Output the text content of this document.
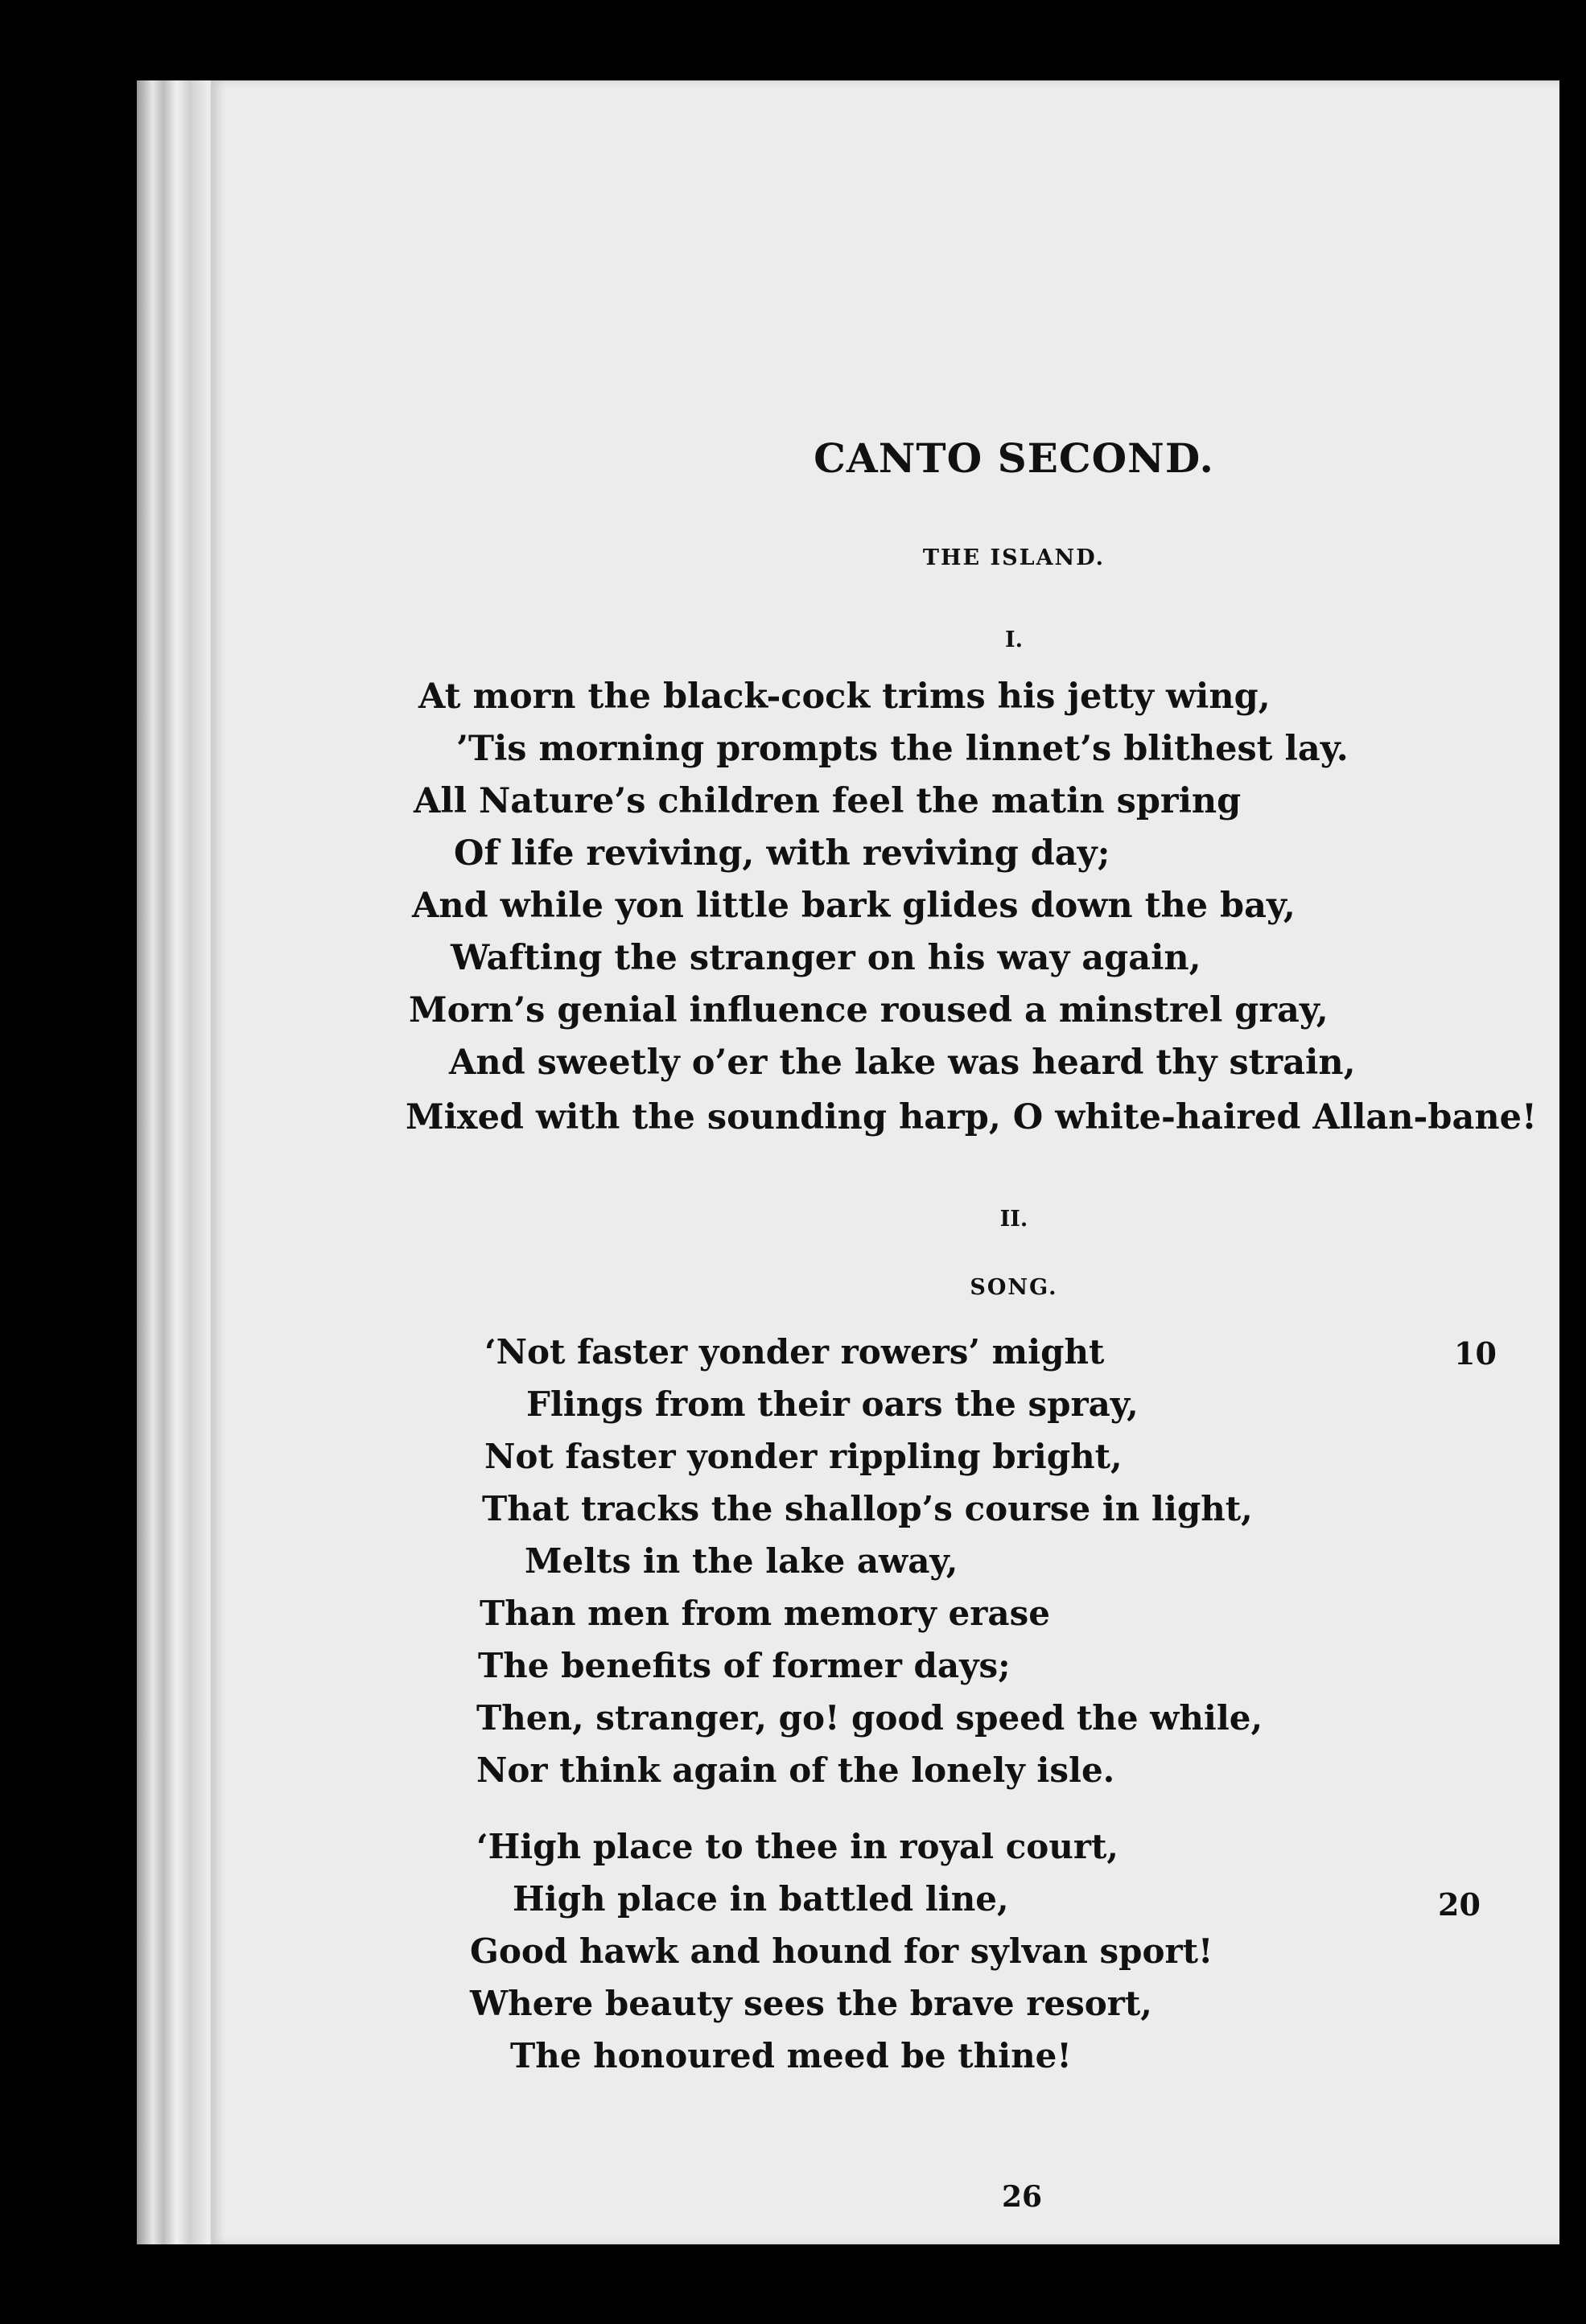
CANTO SECOND.
THE ISLAND.
I.
At morn the black-cock trims his jetty wing,
’Tis morning prompts the linnet’s blithest lay.
All Nature’s children feel the matin spring
Of life reviving, with reviving day;
And while yon little bark glides down the bay,
Wafting the stranger on his way again,
Morn’s genial influence roused a minstrel gray,
And sweetly o’er the lake was heard thy strain,
Mixed with the sounding harp, O white-haired Allan-bane!
II.
SONG.
‘Not faster yonder rowers’ might
Flings from their oars the spray,
Not faster yonder rippling bright,
That tracks the shallop’s course in light,
Melts in the lake away,
Than men from memory erase
The benefits of former days;
Then, stranger, go! good speed the while,
Nor think again of the lonely isle.
10
‘High place to thee in royal court,
High place in battled line,
Good hawk and hound for sylvan sport!
Where beauty sees the brave resort,
The honoured meed be thine!
20
26
